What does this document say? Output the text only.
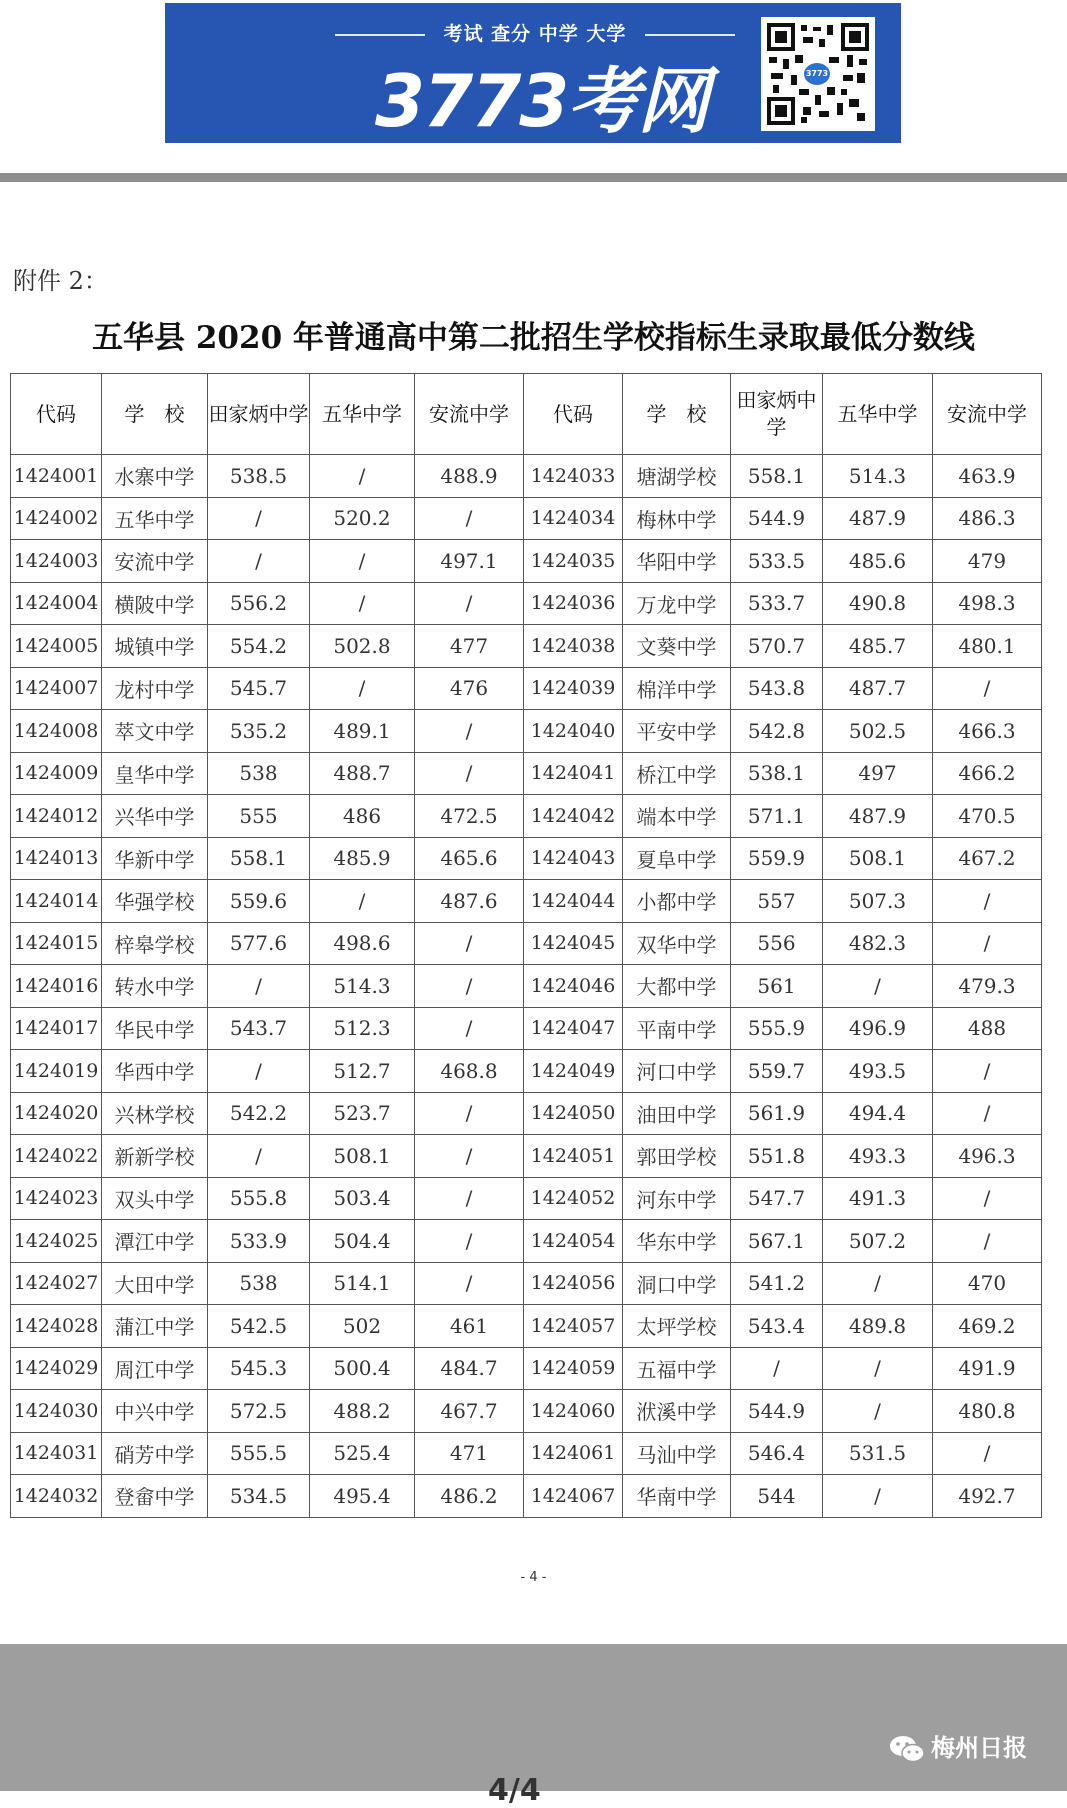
考试 查分 中学 大学
3773考网	3773
附件 2：
五华县 2020 年普通高中第二批招生学校指标生录取最低分数线
代码	学　校	田家炳中学	五华中学	安流中学	代码	学　校	田家炳中学	五华中学	安流中学
1424001	水寨中学	538.5	/	488.9	1424033	塘湖学校	558.1	514.3	463.9
1424002	五华中学	/	520.2	/	1424034	梅林中学	544.9	487.9	486.3
1424003	安流中学	/	/	497.1	1424035	华阳中学	533.5	485.6	479
1424004	横陂中学	556.2	/	/	1424036	万龙中学	533.7	490.8	498.3
1424005	城镇中学	554.2	502.8	477	1424038	文葵中学	570.7	485.7	480.1
1424007	龙村中学	545.7	/	476	1424039	棉洋中学	543.8	487.7	/
1424008	萃文中学	535.2	489.1	/	1424040	平安中学	542.8	502.5	466.3
1424009	皇华中学	538	488.7	/	1424041	桥江中学	538.1	497	466.2
1424012	兴华中学	555	486	472.5	1424042	端本中学	571.1	487.9	470.5
1424013	华新中学	558.1	485.9	465.6	1424043	夏阜中学	559.9	508.1	467.2
1424014	华强学校	559.6	/	487.6	1424044	小都中学	557	507.3	/
1424015	梓皋学校	577.6	498.6	/	1424045	双华中学	556	482.3	/
1424016	转水中学	/	514.3	/	1424046	大都中学	561	/	479.3
1424017	华民中学	543.7	512.3	/	1424047	平南中学	555.9	496.9	488
1424019	华西中学	/	512.7	468.8	1424049	河口中学	559.7	493.5	/
1424020	兴林学校	542.2	523.7	/	1424050	油田中学	561.9	494.4	/
1424022	新新学校	/	508.1	/	1424051	郭田学校	551.8	493.3	496.3
1424023	双头中学	555.8	503.4	/	1424052	河东中学	547.7	491.3	/
1424025	潭江中学	533.9	504.4	/	1424054	华东中学	567.1	507.2	/
1424027	大田中学	538	514.1	/	1424056	洞口中学	541.2	/	470
1424028	蒲江中学	542.5	502	461	1424057	太坪学校	543.4	489.8	469.2
1424029	周江中学	545.3	500.4	484.7	1424059	五福中学	/	/	491.9
1424030	中兴中学	572.5	488.2	467.7	1424060	洑溪中学	544.9	/	480.8
1424031	硝芳中学	555.5	525.4	471	1424061	马汕中学	546.4	531.5	/
1424032	登畲中学	534.5	495.4	486.2	1424067	华南中学	544	/	492.7
- 4 -
梅州日报
4/4
